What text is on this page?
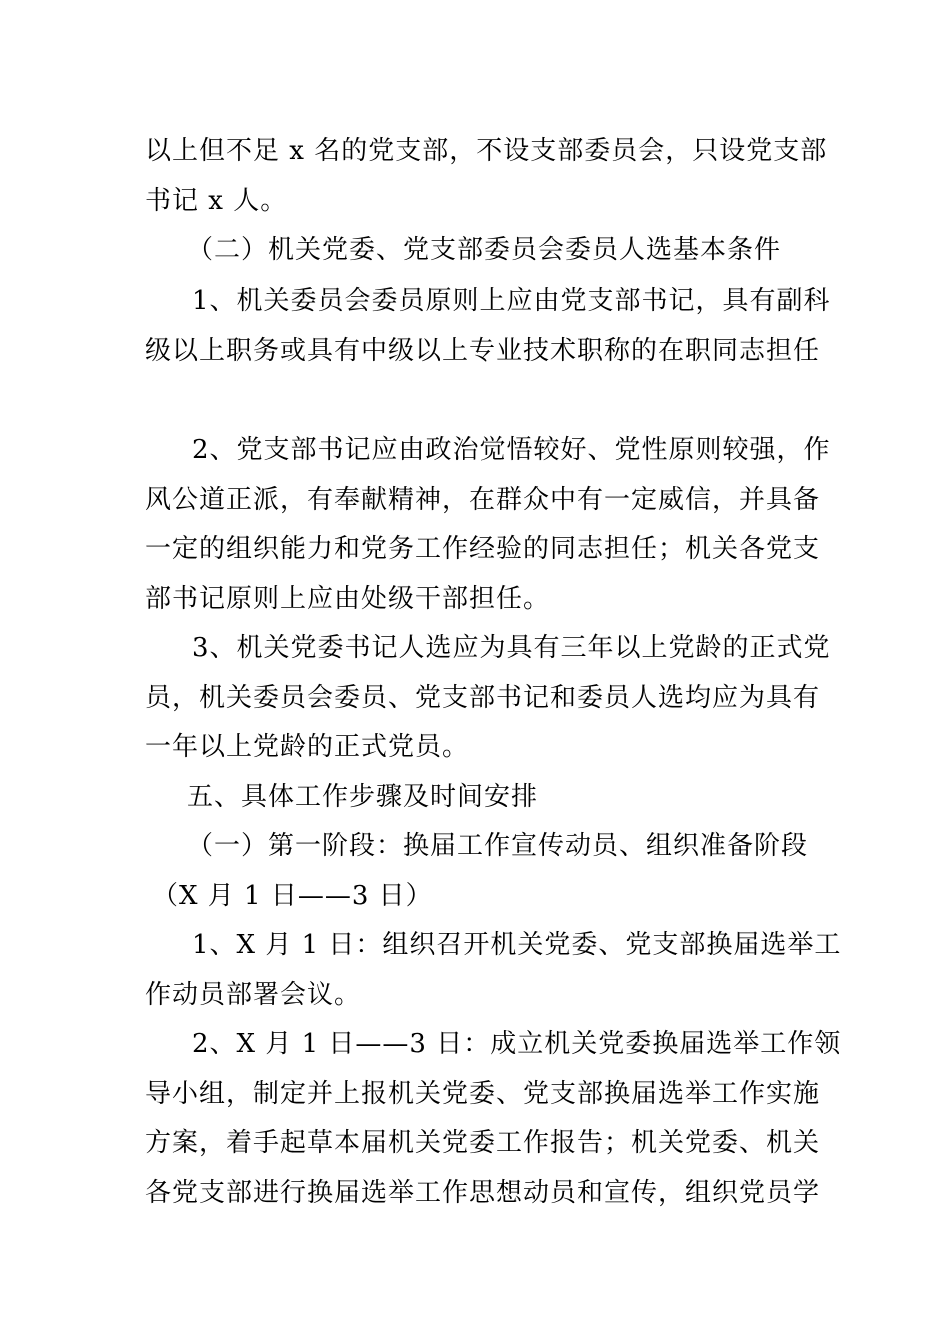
以上但不足 x 名的党支部，不设支部委员会，只设党支部
书记 x 人。
（二）机关党委、党支部委员会委员人选基本条件
1、机关委员会委员原则上应由党支部书记，具有副科
级以上职务或具有中级以上专业技术职称的在职同志担任
2、党支部书记应由政治觉悟较好、党性原则较强，作
风公道正派，有奉献精神，在群众中有一定威信，并具备
一定的组织能力和党务工作经验的同志担任；机关各党支
部书记原则上应由处级干部担任。
3、机关党委书记人选应为具有三年以上党龄的正式党
员，机关委员会委员、党支部书记和委员人选均应为具有
一年以上党龄的正式党员。
五、具体工作步骤及时间安排
（一）第一阶段：换届工作宣传动员、组织准备阶段
（X 月 1 日——3 日）
1、X 月 1 日：组织召开机关党委、党支部换届选举工
作动员部署会议。
2、X 月 1 日——3 日：成立机关党委换届选举工作领
导小组，制定并上报机关党委、党支部换届选举工作实施
方案，着手起草本届机关党委工作报告；机关党委、机关
各党支部进行换届选举工作思想动员和宣传，组织党员学
